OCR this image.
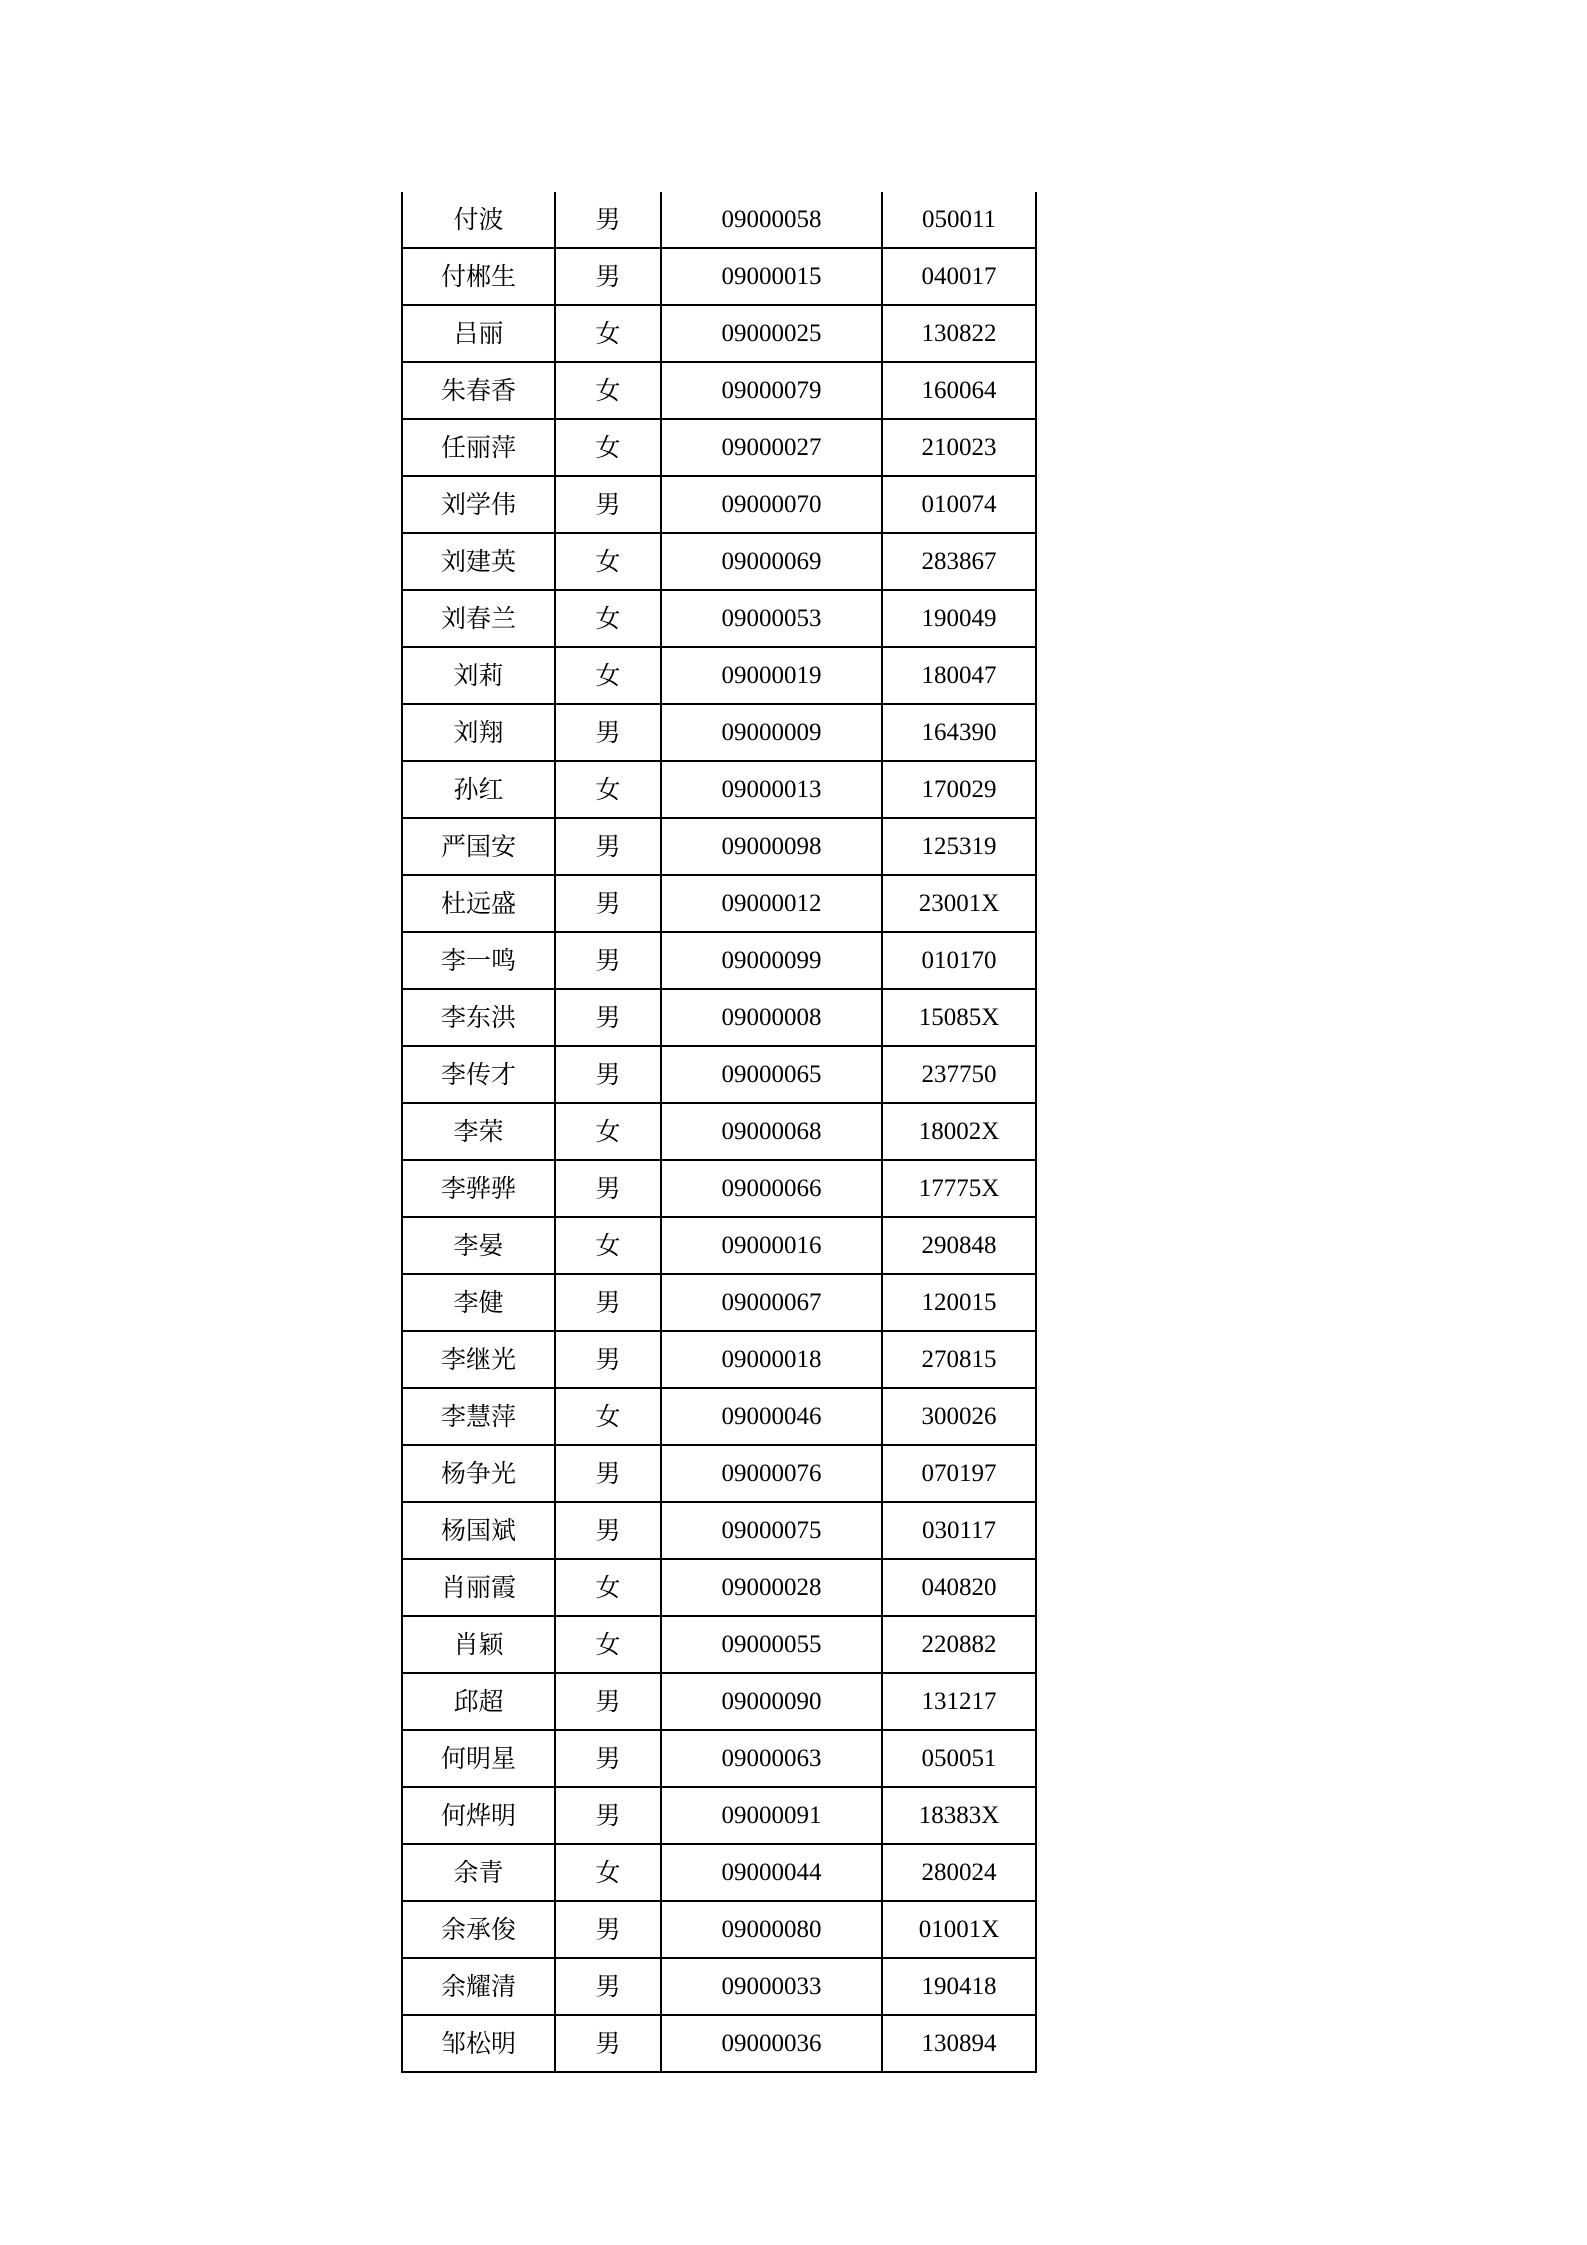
付波	男	09000058	050011
付郴生	男	09000015	040017
吕丽	女	09000025	130822
朱春香	女	09000079	160064
任丽萍	女	09000027	210023
刘学伟	男	09000070	010074
刘建英	女	09000069	283867
刘春兰	女	09000053	190049
刘莉	女	09000019	180047
刘翔	男	09000009	164390
孙红	女	09000013	170029
严国安	男	09000098	125319
杜远盛	男	09000012	23001X
李一鸣	男	09000099	010170
李东洪	男	09000008	15085X
李传才	男	09000065	237750
李荣	女	09000068	18002X
李骅骅	男	09000066	17775X
李晏	女	09000016	290848
李健	男	09000067	120015
李继光	男	09000018	270815
李慧萍	女	09000046	300026
杨争光	男	09000076	070197
杨国斌	男	09000075	030117
肖丽霞	女	09000028	040820
肖颖	女	09000055	220882
邱超	男	09000090	131217
何明星	男	09000063	050051
何烨明	男	09000091	18383X
余青	女	09000044	280024
余承俊	男	09000080	01001X
余耀清	男	09000033	190418
邹松明	男	09000036	130894
